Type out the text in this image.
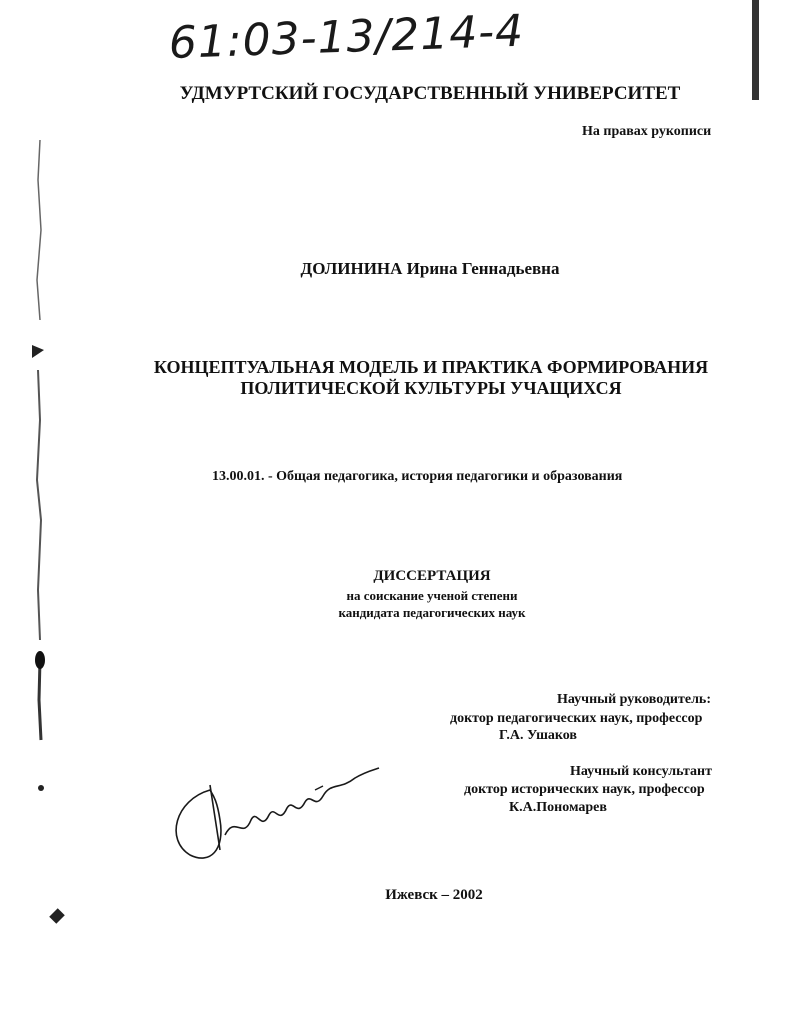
61:03-13/214-4
УДМУРТСКИЙ ГОСУДАРСТВЕННЫЙ УНИВЕРСИТЕТ
На правах рукописи
ДОЛИНИНА Ирина Геннадьевна
КОНЦЕПТУАЛЬНАЯ МОДЕЛЬ И ПРАКТИКА ФОРМИРОВАНИЯ
ПОЛИТИЧЕСКОЙ КУЛЬТУРЫ УЧАЩИХСЯ
13.00.01. - Общая педагогика, история педагогики и образования
ДИССЕРТАЦИЯ
на соискание ученой степени
кандидата педагогических наук
Научный руководитель:
доктор педагогических наук, профессор
Г.А. Ушаков
Научный консультант
доктор исторических наук, профессор
К.А.Пономарев
Ижевск – 2002
